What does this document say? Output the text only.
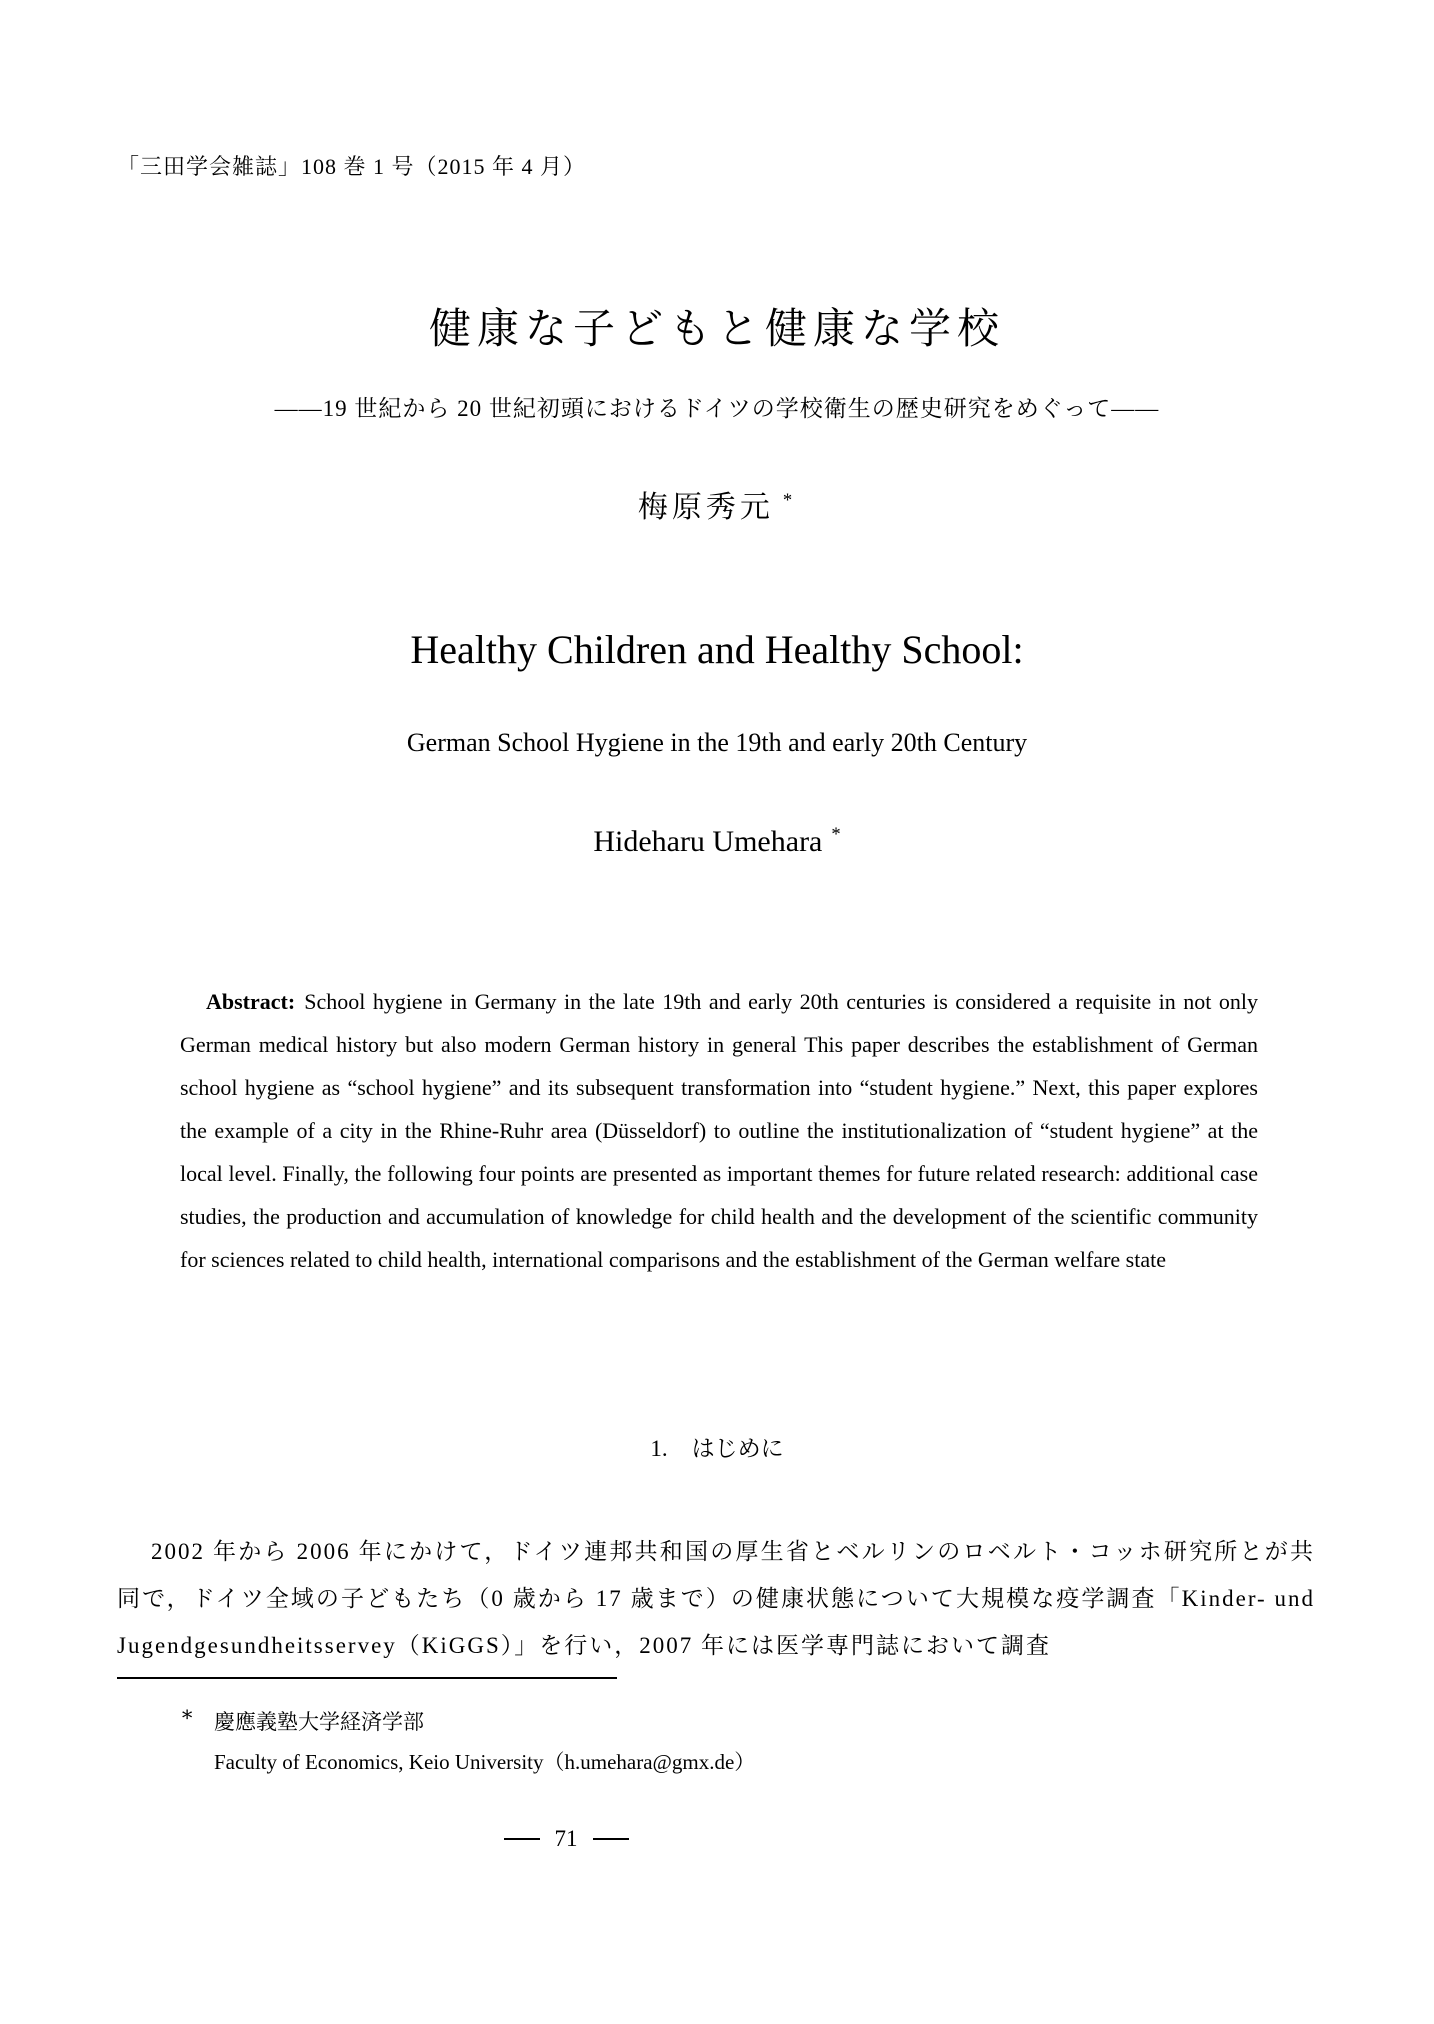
「三田学会雑誌」108 巻 1 号（2015 年 4 月）
健康な子どもと健康な学校
——19 世紀から 20 世紀初頭におけるドイツの学校衛生の歴史研究をめぐって——
梅原秀元 *
Healthy Children and Healthy School:
German School Hygiene in the 19th and early 20th Century
Hideharu Umehara *
Abstract: School hygiene in Germany in the late 19th and early 20th centuries is considered a requisite in not only German medical history but also modern German history in general This paper describes the establishment of German school hygiene as “school hygiene” and its subsequent transformation into “student hygiene.” Next, this paper explores the example of a city in the Rhine-Ruhr area (Düsseldorf) to outline the institutionalization of “student hygiene” at the local level. Finally, the following four points are presented as important themes for future related research: additional case studies, the production and accumulation of knowledge for child health and the development of the scientific community for sciences related to child health, international comparisons and the establishment of the German welfare state
1. はじめに
2002 年から 2006 年にかけて，ドイツ連邦共和国の厚生省とベルリンのロベルト・コッホ研究所とが共同で，ドイツ全域の子どもたち（0 歳から 17 歳まで）の健康状態について大規模な疫学調査「Kinder- und Jugendgesundheitsservey（KiGGS）」を行い，2007 年には医学専門誌において調査
∗ 慶應義塾大学経済学部
Faculty of Economics, Keio University（h.umehara@gmx.de）
71
